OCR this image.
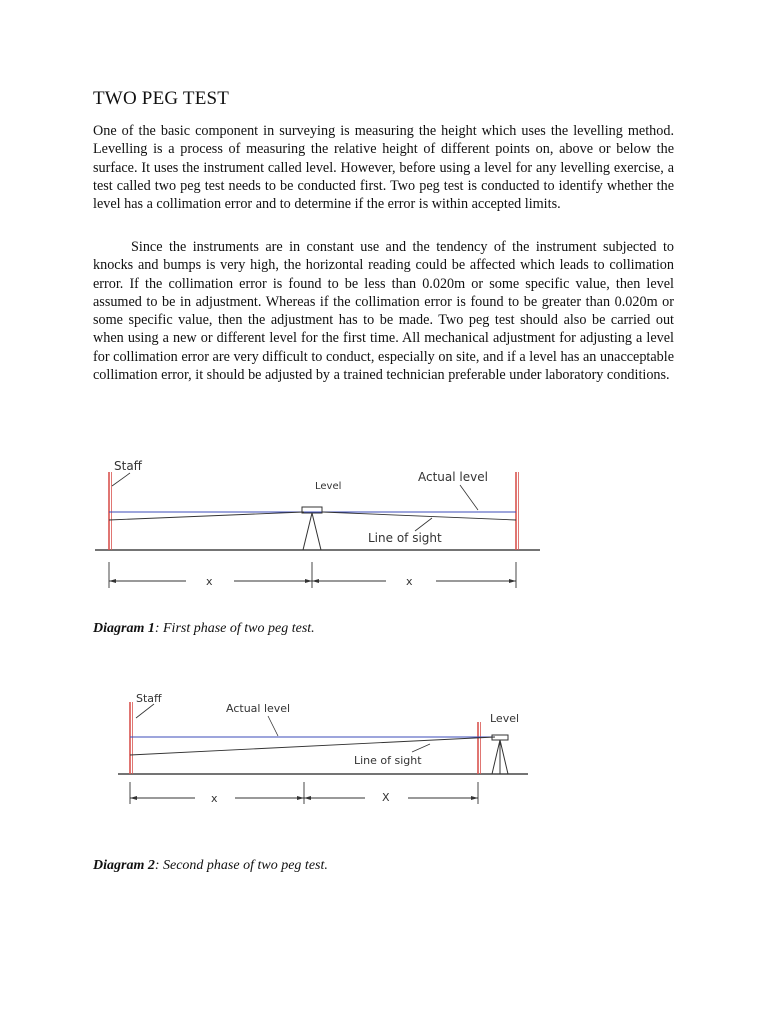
TWO PEG TEST

One of the basic component in surveying is measuring the height which uses the levelling method. Levelling is a process of measuring the relative height of different points on, above or below the surface. It uses the instrument called level. However, before using a level for any levelling exercise, a test called two peg test needs to be conducted first. Two peg test is conducted to identify whether the level has a collimation error and to determine if the error is within accepted limits.

Since the instruments are in constant use and the tendency of the instrument subjected to knocks and bumps is very high, the horizontal reading could be affected which leads to collimation error. If the collimation error is found to be less than 0.020m or some specific value, then level assumed to be in adjustment. Whereas if the collimation error is found to be greater than 0.020m or some specific value, then the adjustment has to be made. Two peg test should also be carried out when using a new or different level for the first time. All mechanical adjustment for adjusting a level for collimation error are very difficult to conduct, especially on site, and if a level has an unacceptable collimation error, it should be adjusted by a trained technician preferable under laboratory conditions.

Staff
Level
Actual level
Line of sight
x	x

Diagram 1: First phase of two peg test.

Staff
Level
Actual level
Line of sight
x	X

Diagram 2: Second phase of two peg test.
